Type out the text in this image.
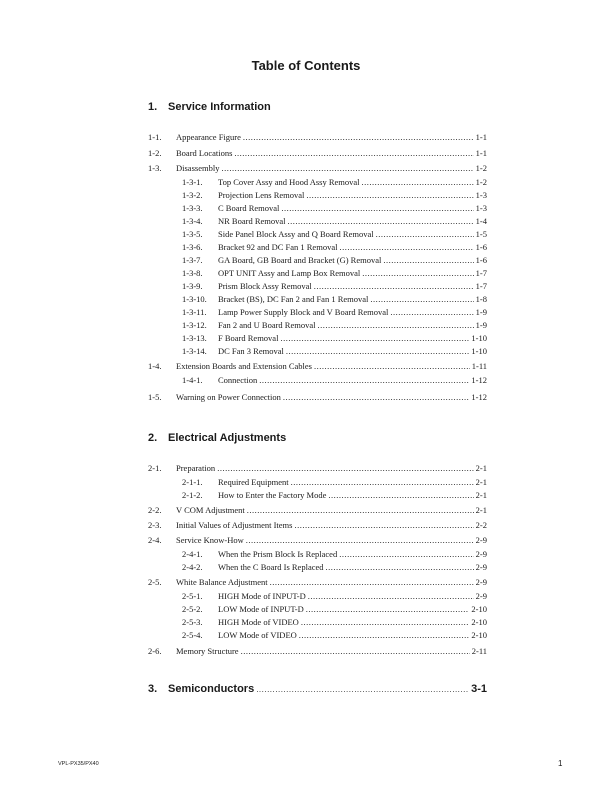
Table of Contents
1. Service Information
1-1.	Appearance Figure .....	1-1
1-2.	Board Locations .....	1-1
1-3.	Disassembly .....	1-2
1-3-1.	Top Cover Assy and Hood Assy Removal .....	1-2
1-3-2.	Projection Lens Removal .....	1-3
1-3-3.	C Board Removal .....	1-3
1-3-4.	NR Board Removal .....	1-4
1-3-5.	Side Panel Block Assy and Q Board Removal .....	1-5
1-3-6.	Bracket 92 and DC Fan 1 Removal .....	1-6
1-3-7.	GA Board, GB Board and Bracket (G) Removal .....	1-6
1-3-8.	OPT UNIT Assy and Lamp Box Removal .....	1-7
1-3-9.	Prism Block Assy Removal .....	1-7
1-3-10.	Bracket (BS), DC Fan 2 and Fan 1 Removal .....	1-8
1-3-11.	Lamp Power Supply Block and V Board Removal .....	1-9
1-3-12.	Fan 2 and U Board Removal .....	1-9
1-3-13.	F Board Removal .....	1-10
1-3-14.	DC Fan 3 Removal .....	1-10
1-4.	Extension Boards and Extension Cables .....	1-11
1-4-1.	Connection .....	1-12
1-5.	Warning on Power Connection .....	1-12
2. Electrical Adjustments
2-1.	Preparation .....	2-1
2-1-1.	Required Equipment .....	2-1
2-1-2.	How to Enter the Factory Mode .....	2-1
2-2.	V COM Adjustment .....	2-1
2-3.	Initial Values of Adjustment Items .....	2-2
2-4.	Service Know-How .....	2-9
2-4-1.	When the Prism Block Is Replaced .....	2-9
2-4-2.	When the C Board Is Replaced .....	2-9
2-5.	White Balance Adjustment .....	2-9
2-5-1.	HIGH Mode of INPUT-D .....	2-9
2-5-2.	LOW Mode of INPUT-D .....	2-10
2-5-3.	HIGH Mode of VIDEO .....	2-10
2-5-4.	LOW Mode of VIDEO .....	2-10
2-6.	Memory Structure .....	2-11
3. Semiconductors .....	3-1
VPL-PX35/PX40	1
